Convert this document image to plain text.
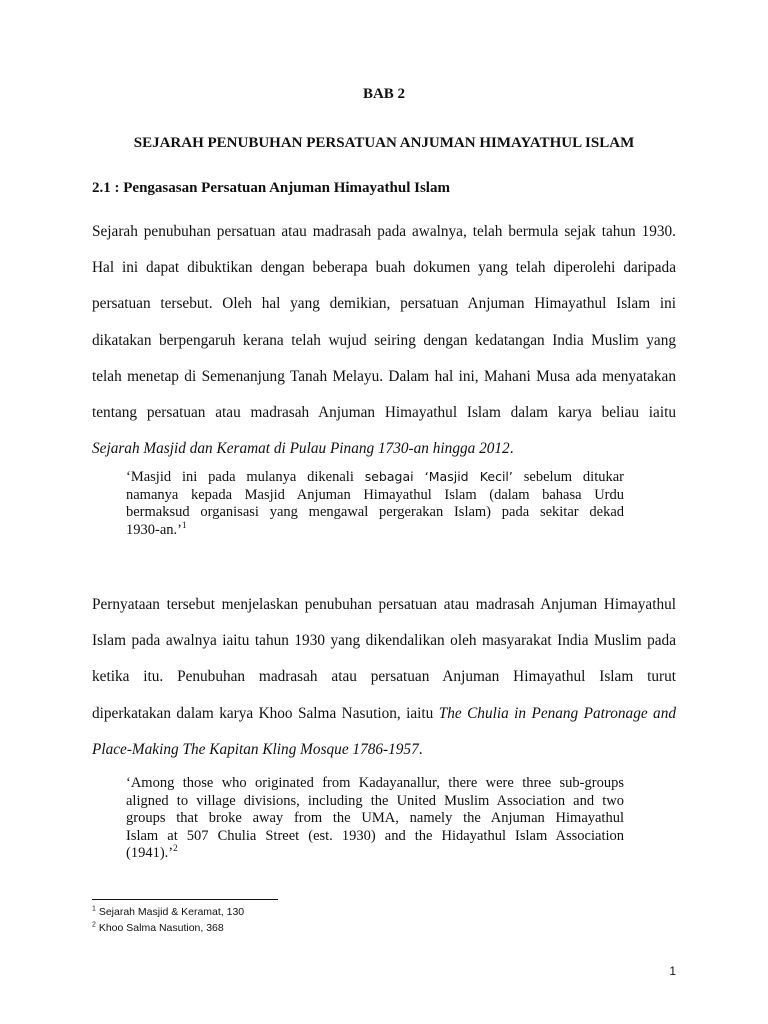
BAB 2
SEJARAH PENUBUHAN PERSATUAN ANJUMAN HIMAYATHUL ISLAM
2.1 : Pengasasan Persatuan Anjuman Himayathul Islam
Sejarah penubuhan persatuan atau madrasah pada awalnya, telah bermula sejak tahun 1930.
Hal ini dapat dibuktikan dengan beberapa buah dokumen yang telah diperolehi daripada
persatuan tersebut. Oleh hal yang demikian, persatuan Anjuman Himayathul Islam ini
dikatakan berpengaruh kerana telah wujud seiring dengan kedatangan India Muslim yang
telah menetap di Semenanjung Tanah Melayu. Dalam hal ini, Mahani Musa ada menyatakan
tentang persatuan atau madrasah Anjuman Himayathul Islam dalam karya beliau iaitu
Sejarah Masjid dan Keramat di Pulau Pinang 1730-an hingga 2012.
‘Masjid ini pada mulanya dikenali sebagai ‘Masjid Kecil’ sebelum ditukar
namanya kepada Masjid Anjuman Himayathul Islam (dalam bahasa Urdu
bermaksud organisasi yang mengawal pergerakan Islam) pada sekitar dekad
1930-an.’$^1$
Pernyataan tersebut menjelaskan penubuhan persatuan atau madrasah Anjuman Himayathul
Islam pada awalnya iaitu tahun 1930 yang dikendalikan oleh masyarakat India Muslim pada
ketika itu. Penubuhan madrasah atau persatuan Anjuman Himayathul Islam turut
diperkatakan dalam karya Khoo Salma Nasution, iaitu The Chulia in Penang Patronage and
Place-Making The Kapitan Kling Mosque 1786-1957.
‘Among those who originated from Kadayanallur, there were three sub-groups
aligned to village divisions, including the United Muslim Association and two
groups that broke away from the UMA, namely the Anjuman Himayathul
Islam at 507 Chulia Street (est. 1930) and the Hidayathul Islam Association
(1941).’$^2$
$^1$ Sejarah Masjid & Keramat, 130
$^2$ Khoo Salma Nasution, 368
1
